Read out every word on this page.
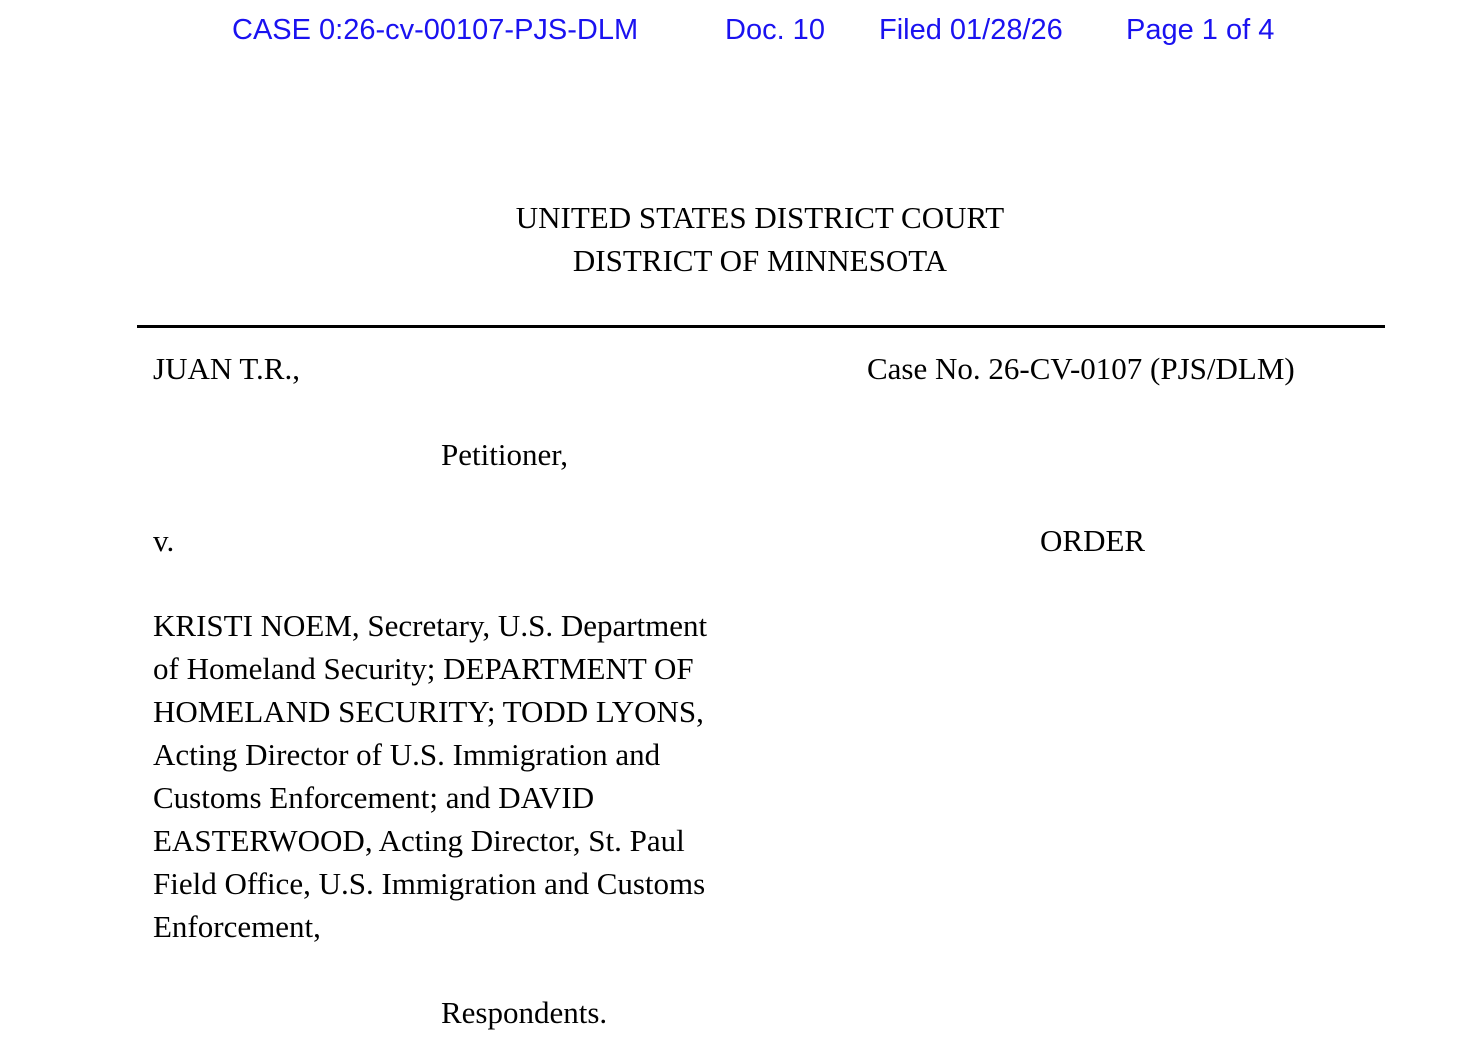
CASE 0:26-cv-00107-PJS-DLM	Doc. 10 Filed 01/28/26 Page 1 of 4
UNITED STATES DISTRICT COURT
DISTRICT OF MINNESOTA
JUAN T.R.,	Case No. 26-CV-0107 (PJS/DLM)
Petitioner,
v.	ORDER
KRISTI NOEM, Secretary, U.S. Department
of Homeland Security; DEPARTMENT OF
HOMELAND SECURITY; TODD LYONS,
Acting Director of U.S. Immigration and
Customs Enforcement; and DAVID
EASTERWOOD, Acting Director, St. Paul
Field Office, U.S. Immigration and Customs
Enforcement,
Respondents.
